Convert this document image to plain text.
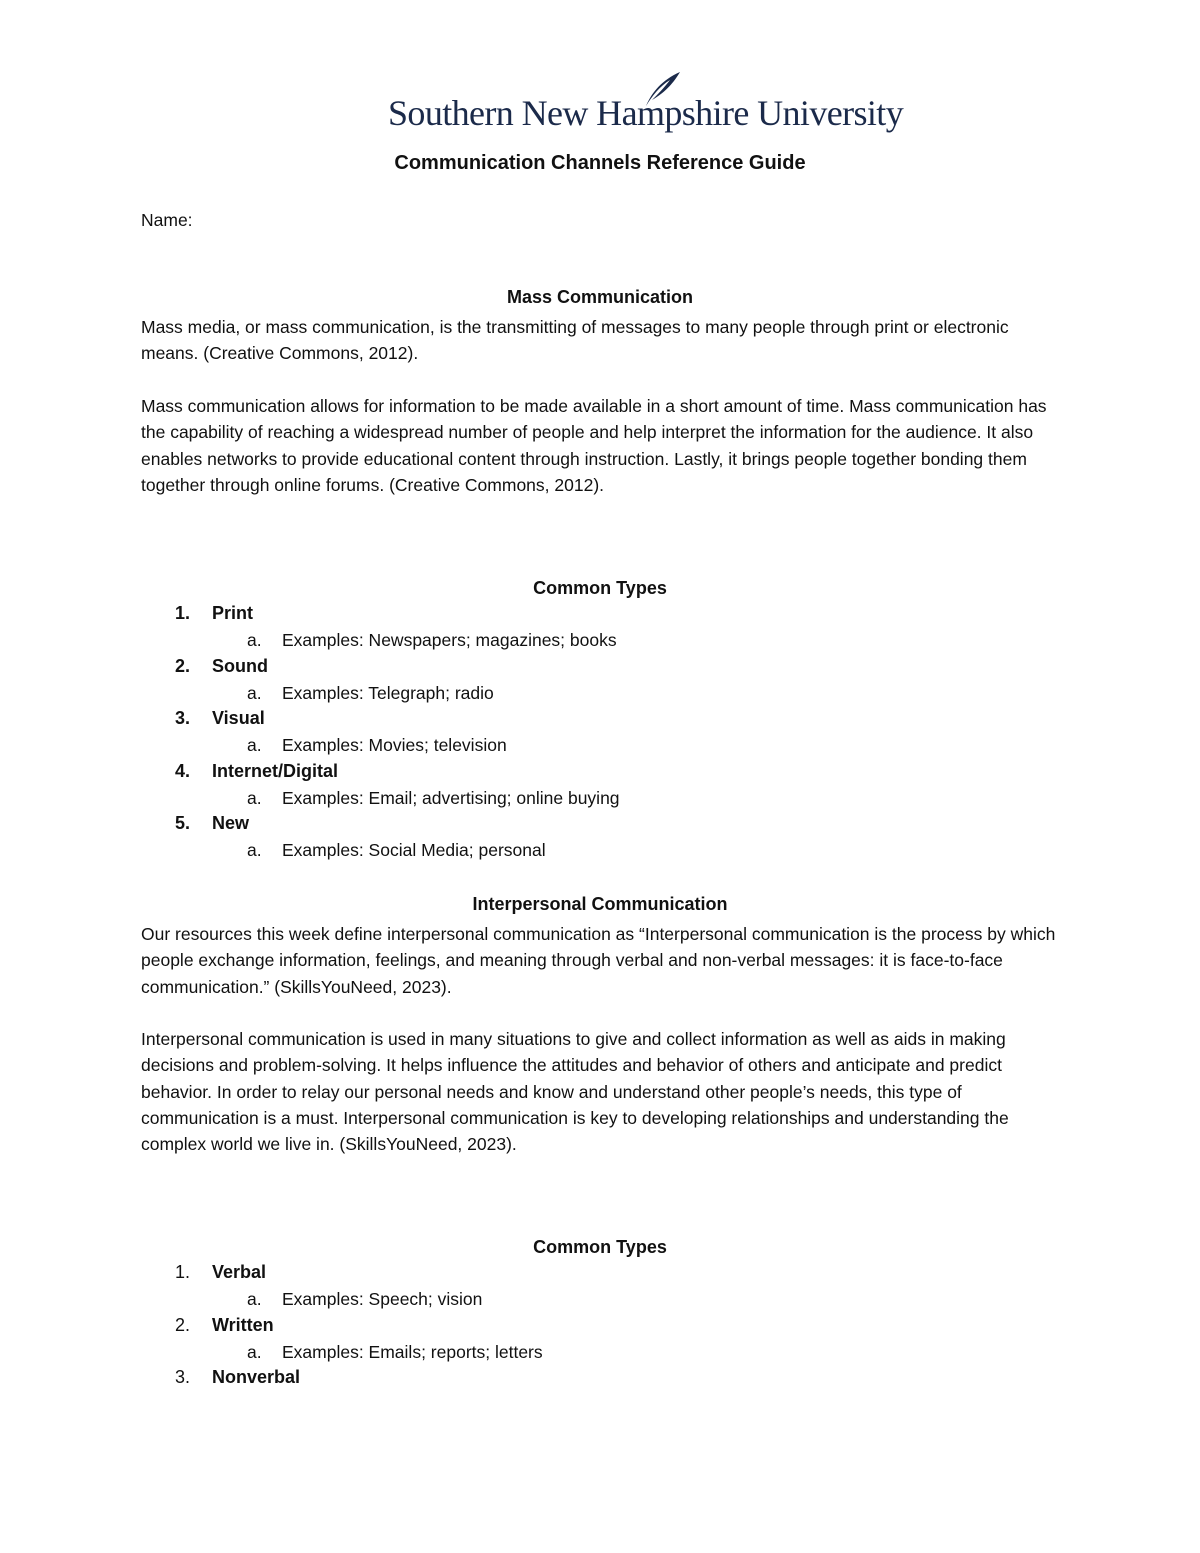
Southern New Hampshire University
Communication Channels Reference Guide
Name:
Mass Communication

Mass media, or mass communication, is the transmitting of messages to many people through print or electronic means. (Creative Commons, 2012).

Mass communication allows for information to be made available in a short amount of time. Mass communication has the capability of reaching a widespread number of people and help interpret the information for the audience. It also enables networks to provide educational content through instruction. Lastly, it brings people together bonding them together through online forums. (Creative Commons, 2012).

Common Types
1. Print
a. Examples: Newspapers; magazines; books
2. Sound
a. Examples: Telegraph; radio
3. Visual
a. Examples: Movies; television
4. Internet/Digital
a. Examples: Email; advertising; online buying
5. New
a. Examples: Social Media; personal
Interpersonal Communication

Our resources this week define interpersonal communication as “Interpersonal communication is the process by which people exchange information, feelings, and meaning through verbal and non-verbal messages: it is face-to-face communication.” (SkillsYouNeed, 2023).

Interpersonal communication is used in many situations to give and collect information as well as aids in making decisions and problem-solving. It helps influence the attitudes and behavior of others and anticipate and predict behavior. In order to relay our personal needs and know and understand other people’s needs, this type of communication is a must. Interpersonal communication is key to developing relationships and understanding the complex world we live in. (SkillsYouNeed, 2023).

Common Types
1. Verbal
a. Examples: Speech; vision
2. Written
a. Examples: Emails; reports; letters
3. Nonverbal
